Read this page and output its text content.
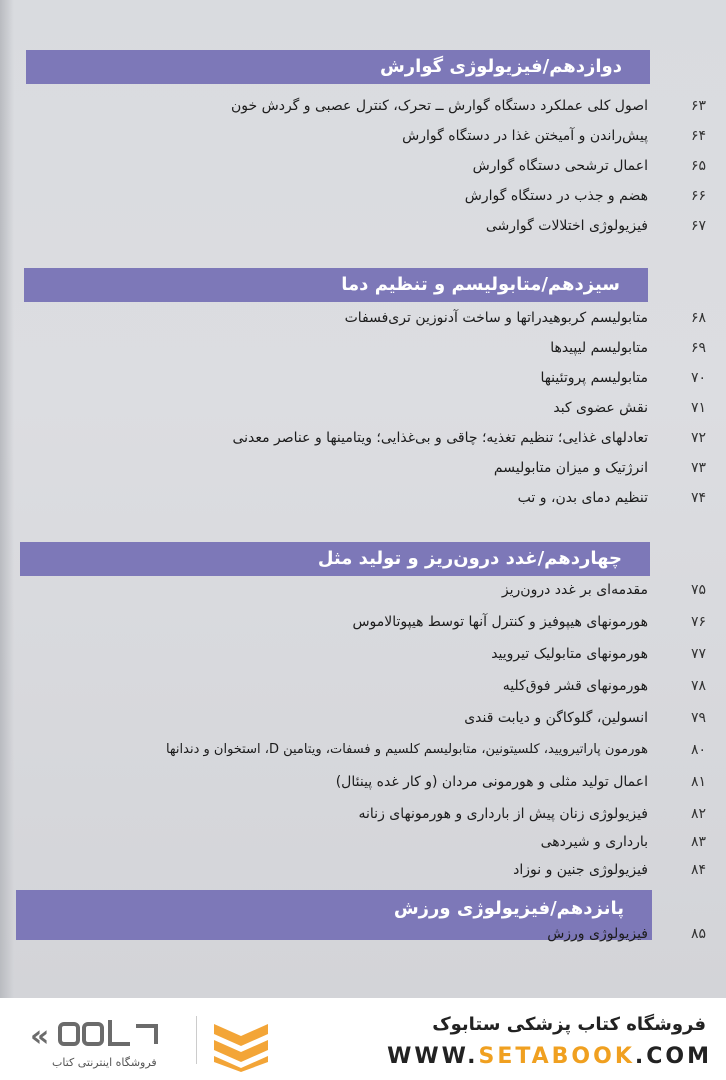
دوازدهم/فیزیولوژی گوارش
۶۳
اصول کلی عملکرد دستگاه گوارش ــ تحرک، کنترل عصبی و گردش خون
۶۴
پیش‌راندن و آمیختن غذا در دستگاه گوارش
۶۵
اعمال ترشحی دستگاه گوارش
۶۶
هضم و جذب در دستگاه گوارش
۶۷
فیزیولوژی اختلالات گوارشی
سیزدهم/متابولیسم و تنظیم دما
۶۸
متابولیسم کربوهیدراتها و ساخت آدنوزین تری‌فسفات
۶۹
متابولیسم لیپیدها
۷۰
متابولیسم پروتئینها
۷۱
نقش عضوی کبد
۷۲
تعادلهای غذایی؛ تنظیم تغذیه؛ چاقی و بی‌غذایی؛ ویتامینها و عناصر معدنی
۷۳
انرژتیک و میزان متابولیسم
۷۴
تنظیم دمای بدن، و تب
چهاردهم/غدد درون‌ریز و تولید مثل
۷۵
مقدمه‌ای بر غدد درون‌ریز
۷۶
هورمونهای هیپوفیز و کنترل آنها توسط هیپوتالاموس
۷۷
هورمونهای متابولیک تیرویید
۷۸
هورمونهای قشر فوق‌کلیه
۷۹
انسولین، گلوکاگن و دیابت قندی
۸۰
هورمون پاراتیرویید، کلسیتونین، متابولیسم کلسیم و فسفات، ویتامین D، استخوان و دندانها
۸۱
اعمال تولید مثلی و هورمونی مردان (و کار غده پینئال)
۸۲
فیزیولوژی زنان پیش از بارداری و هورمونهای زنانه
۸۳
بارداری و شیردهی
۸۴
فیزیولوژی جنین و نوزاد
پانزدهم/فیزیولوژی ورزش
۸۵
فیزیولوژی ورزش
«
فروشگاه اینترنتی کتاب
فروشگاه کتاب پزشکی ستابوک
WWW.SETABOOK.COM
